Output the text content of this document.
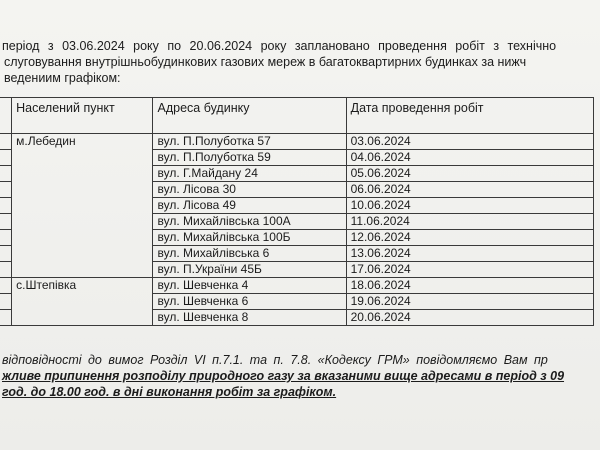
період з 03.06.2024 року по 20.06.2024 року заплановано проведення робіт з технічно
слуговування внутрішньобудинкових газових мереж в багатоквартирних будинках за нижч
ведениим графіком:
	Населений пункт	Адреса будинку	Дата проведення робіт
	м.Лебедин	вул. П.Полуботка 57	03.06.2024
		вул. П.Полуботка 59	04.06.2024
		вул. Г.Майдану 24	05.06.2024
		вул. Лісова 30	06.06.2024
		вул. Лісова 49	10.06.2024
		вул. Михайлівська 100А	11.06.2024
		вул. Михайлівська 100Б	12.06.2024
		вул. Михайлівська 6	13.06.2024
		вул. П.України 45Б	17.06.2024
	с.Штепівка	вул. Шевченка 4	18.06.2024
		вул. Шевченка 6	19.06.2024
		вул. Шевченка 8	20.06.2024
відповідності до вимог Розділ VI п.7.1. та п. 7.8. «Кодексу ГРМ» повідомляємо Вам пр
жливе припинення розподілу природного газу за вказаними вище адресами в період з 09
год. до 18.00 год. в дні виконання робіт за графіком.
